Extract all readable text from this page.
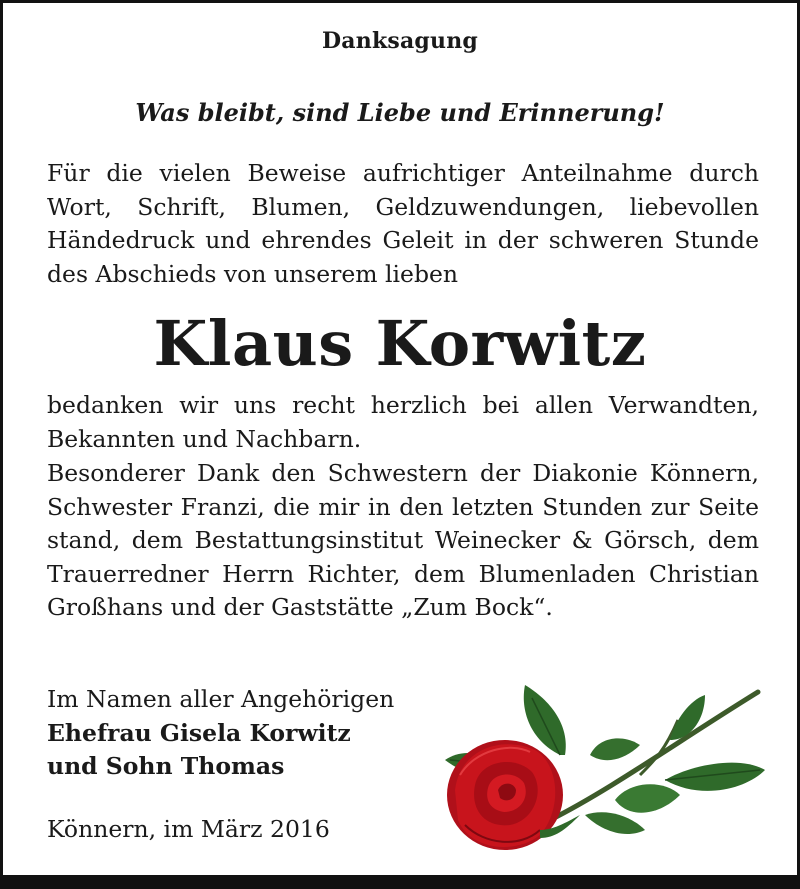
Danksagung
Was bleibt, sind Liebe und Erinnerung!

Für die vielen Beweise aufrichtiger Anteilnahme durch Wort, Schrift, Blumen, Geldzuwendungen, liebevollen Händedruck und ehrendes Geleit in der schweren Stunde des Abschieds von unserem lieben

Klaus Korwitz

bedanken wir uns recht herzlich bei allen Verwandten, Bekannten und Nachbarn.

Besonderer Dank den Schwestern der Diakonie Könnern, Schwester Franzi, die mir in den letzten Stunden zur Seite stand, dem Bestattungsinstitut Weinecker & Görsch, dem Trauerredner Herrn Richter, dem Blumenladen Christian Großhans und der Gaststätte „Zum Bock“.

Im Namen aller Angehörigen
Ehefrau Gisela Korwitz
und Sohn Thomas
Könnern, im März 2016
